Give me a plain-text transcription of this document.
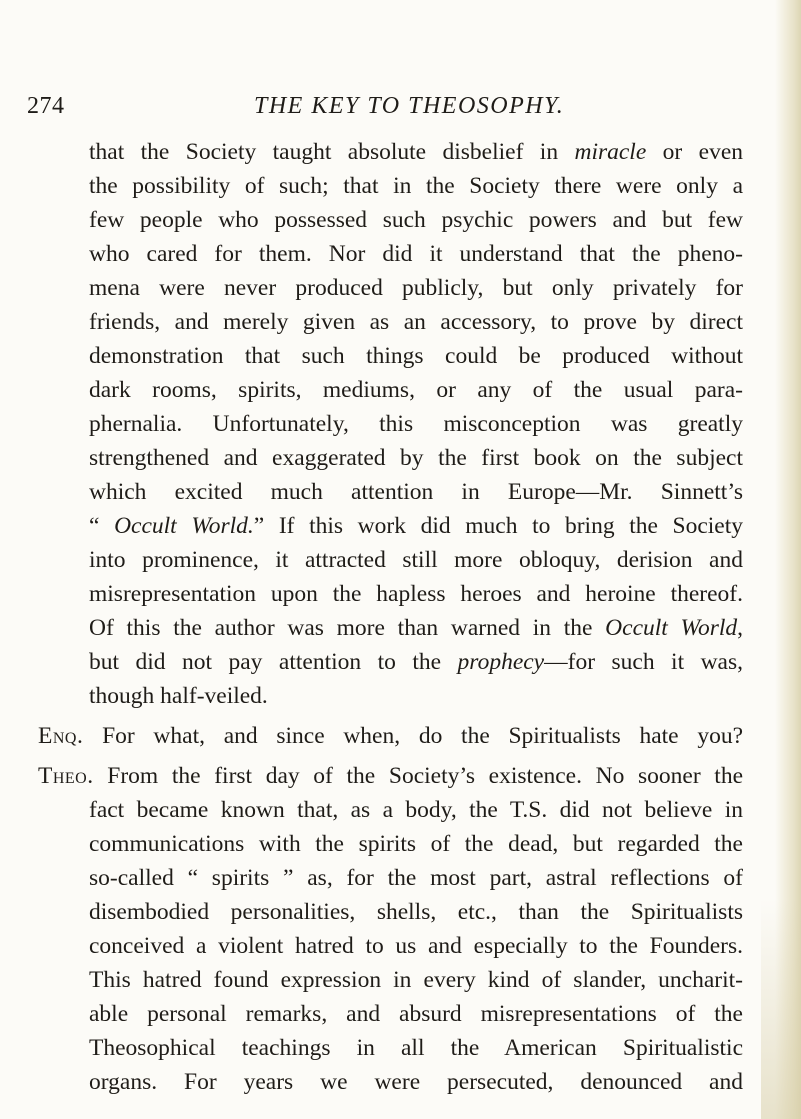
274	THE KEY TO THEOSOPHY.
that the Society taught absolute disbelief in miracle or even
the possibility of such; that in the Society there were only a
few people who possessed such psychic powers and but few
who cared for them. Nor did it understand that the pheno-
mena were never produced publicly, but only privately for
friends, and merely given as an accessory, to prove by direct
demonstration that such things could be produced without
dark rooms, spirits, mediums, or any of the usual para-
phernalia. Unfortunately, this misconception was greatly
strengthened and exaggerated by the first book on the subject
which excited much attention in Europe—Mr. Sinnett’s
“ Occult World.” If this work did much to bring the Society
into prominence, it attracted still more obloquy, derision and
misrepresentation upon the hapless heroes and heroine thereof.
Of this the author was more than warned in the Occult World,
but did not pay attention to the prophecy—for such it was,
though half-veiled.
Enq. For what, and since when, do the Spiritualists hate you?
Theo. From the first day of the Society’s existence. No sooner the
fact became known that, as a body, the T.S. did not believe in
communications with the spirits of the dead, but regarded the
so-called “ spirits ” as, for the most part, astral reflections of
disembodied personalities, shells, etc., than the Spiritualists
conceived a violent hatred to us and especially to the Founders.
This hatred found expression in every kind of slander, uncharit-
able personal remarks, and absurd misrepresentations of the
Theosophical teachings in all the American Spiritualistic
organs. For years we were persecuted, denounced and
